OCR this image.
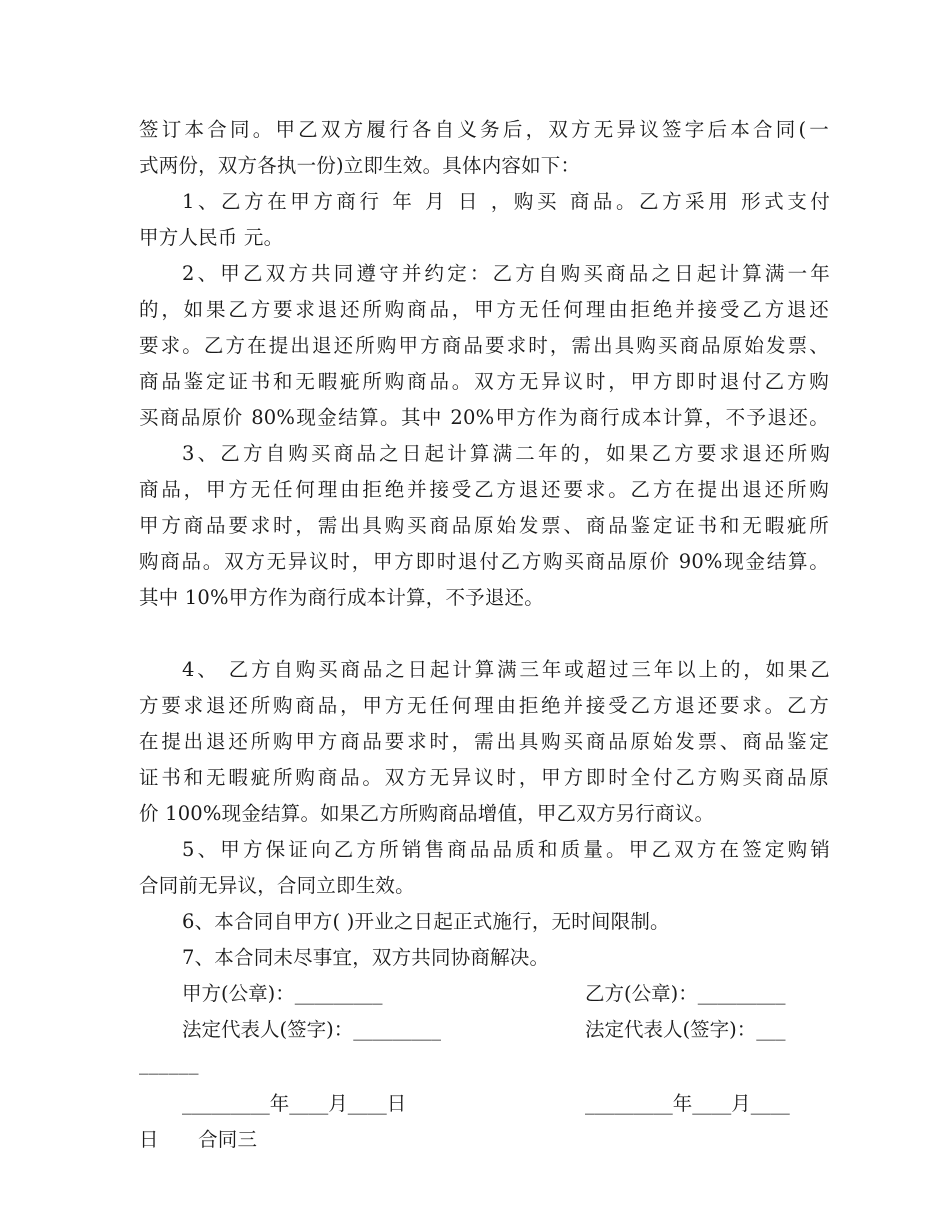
签订本合同。甲乙双方履行各自义务后，双方无异议签字后本合同(一
式两份，双方各执一份)立即生效。具体内容如下：
1、乙方在甲方商行 年 月 日 ，购买 商品。乙方采用 形式支付
甲方人民币 元。
2、甲乙双方共同遵守并约定：乙方自购买商品之日起计算满一年
的，如果乙方要求退还所购商品，甲方无任何理由拒绝并接受乙方退还
要求。乙方在提出退还所购甲方商品要求时，需出具购买商品原始发票、
商品鉴定证书和无暇疵所购商品。双方无异议时，甲方即时退付乙方购
买商品原价 80%现金结算。其中 20%甲方作为商行成本计算，不予退还。
3、乙方自购买商品之日起计算满二年的，如果乙方要求退还所购
商品，甲方无任何理由拒绝并接受乙方退还要求。乙方在提出退还所购
甲方商品要求时，需出具购买商品原始发票、商品鉴定证书和无暇疵所
购商品。双方无异议时，甲方即时退付乙方购买商品原价 90%现金结算。
其中 10%甲方作为商行成本计算，不予退还。
4、 乙方自购买商品之日起计算满三年或超过三年以上的，如果乙
方要求退还所购商品，甲方无任何理由拒绝并接受乙方退还要求。乙方
在提出退还所购甲方商品要求时，需出具购买商品原始发票、商品鉴定
证书和无暇疵所购商品。双方无异议时，甲方即时全付乙方购买商品原
价 100%现金结算。如果乙方所购商品增值，甲乙双方另行商议。
5、甲方保证向乙方所销售商品品质和质量。甲乙双方在签定购销
合同前无异议，合同立即生效。
6、本合同自甲方( )开业之日起正式施行，无时间限制。
7、本合同未尽事宜，双方共同协商解决。
甲方(公章)：_________	乙方(公章)：_________
法定代表人(签字)：_________	法定代表人(签字)：___
______
_________年____月____日	_________年____月____
日　　合同三
